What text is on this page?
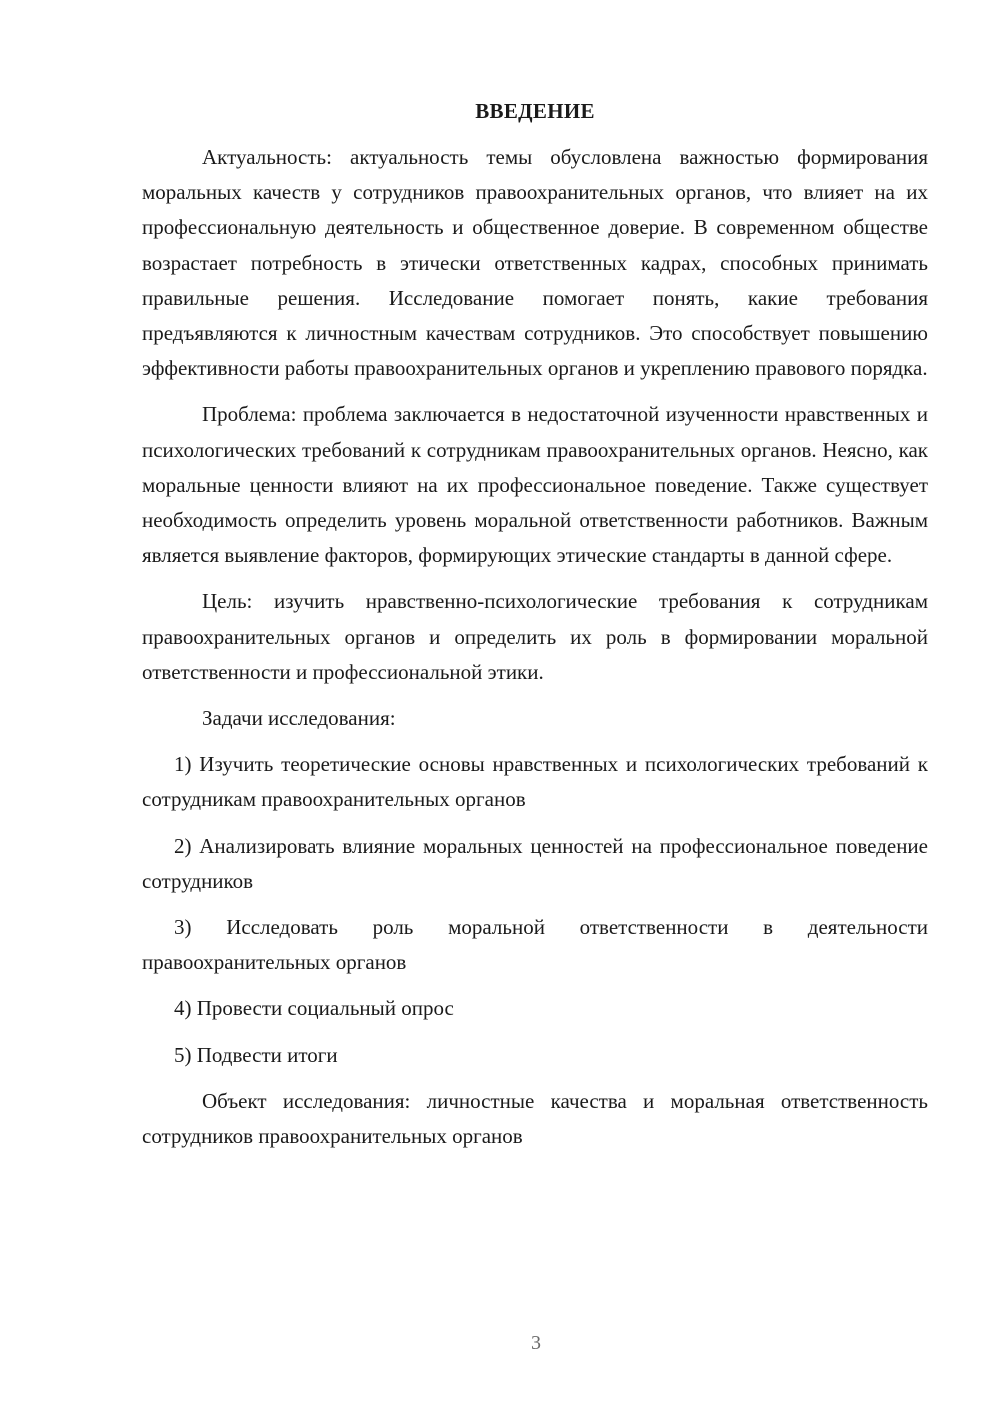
ВВЕДЕНИЕ

Актуальность: актуальность темы обусловлена важностью формирования моральных качеств у сотрудников правоохранительных органов, что влияет на их профессиональную деятельность и общественное доверие. В современном обществе возрастает потребность в этически ответственных кадрах, способных принимать правильные решения. Исследование помогает понять, какие требования предъявляются к личностным качествам сотрудников. Это способствует повышению эффективности работы правоохранительных органов и укреплению правового порядка.

Проблема: проблема заключается в недостаточной изученности нравственных и психологических требований к сотрудникам правоохранительных органов. Неясно, как моральные ценности влияют на их профессиональное поведение. Также существует необходимость определить уровень моральной ответственности работников. Важным является выявление факторов, формирующих этические стандарты в данной сфере.

Цель: изучить нравственно-психологические требования к сотрудникам правоохранительных органов и определить их роль в формировании моральной ответственности и профессиональной этики.

Задачи исследования:

1) Изучить теоретические основы нравственных и психологических требований к сотрудникам правоохранительных органов

2) Анализировать влияние моральных ценностей на профессиональное поведение сотрудников

3) Исследовать роль моральной ответственности в деятельности правоохранительных органов

4) Провести социальный опрос

5) Подвести итоги

Объект исследования: личностные качества и моральная ответственность сотрудников правоохранительных органов

3
